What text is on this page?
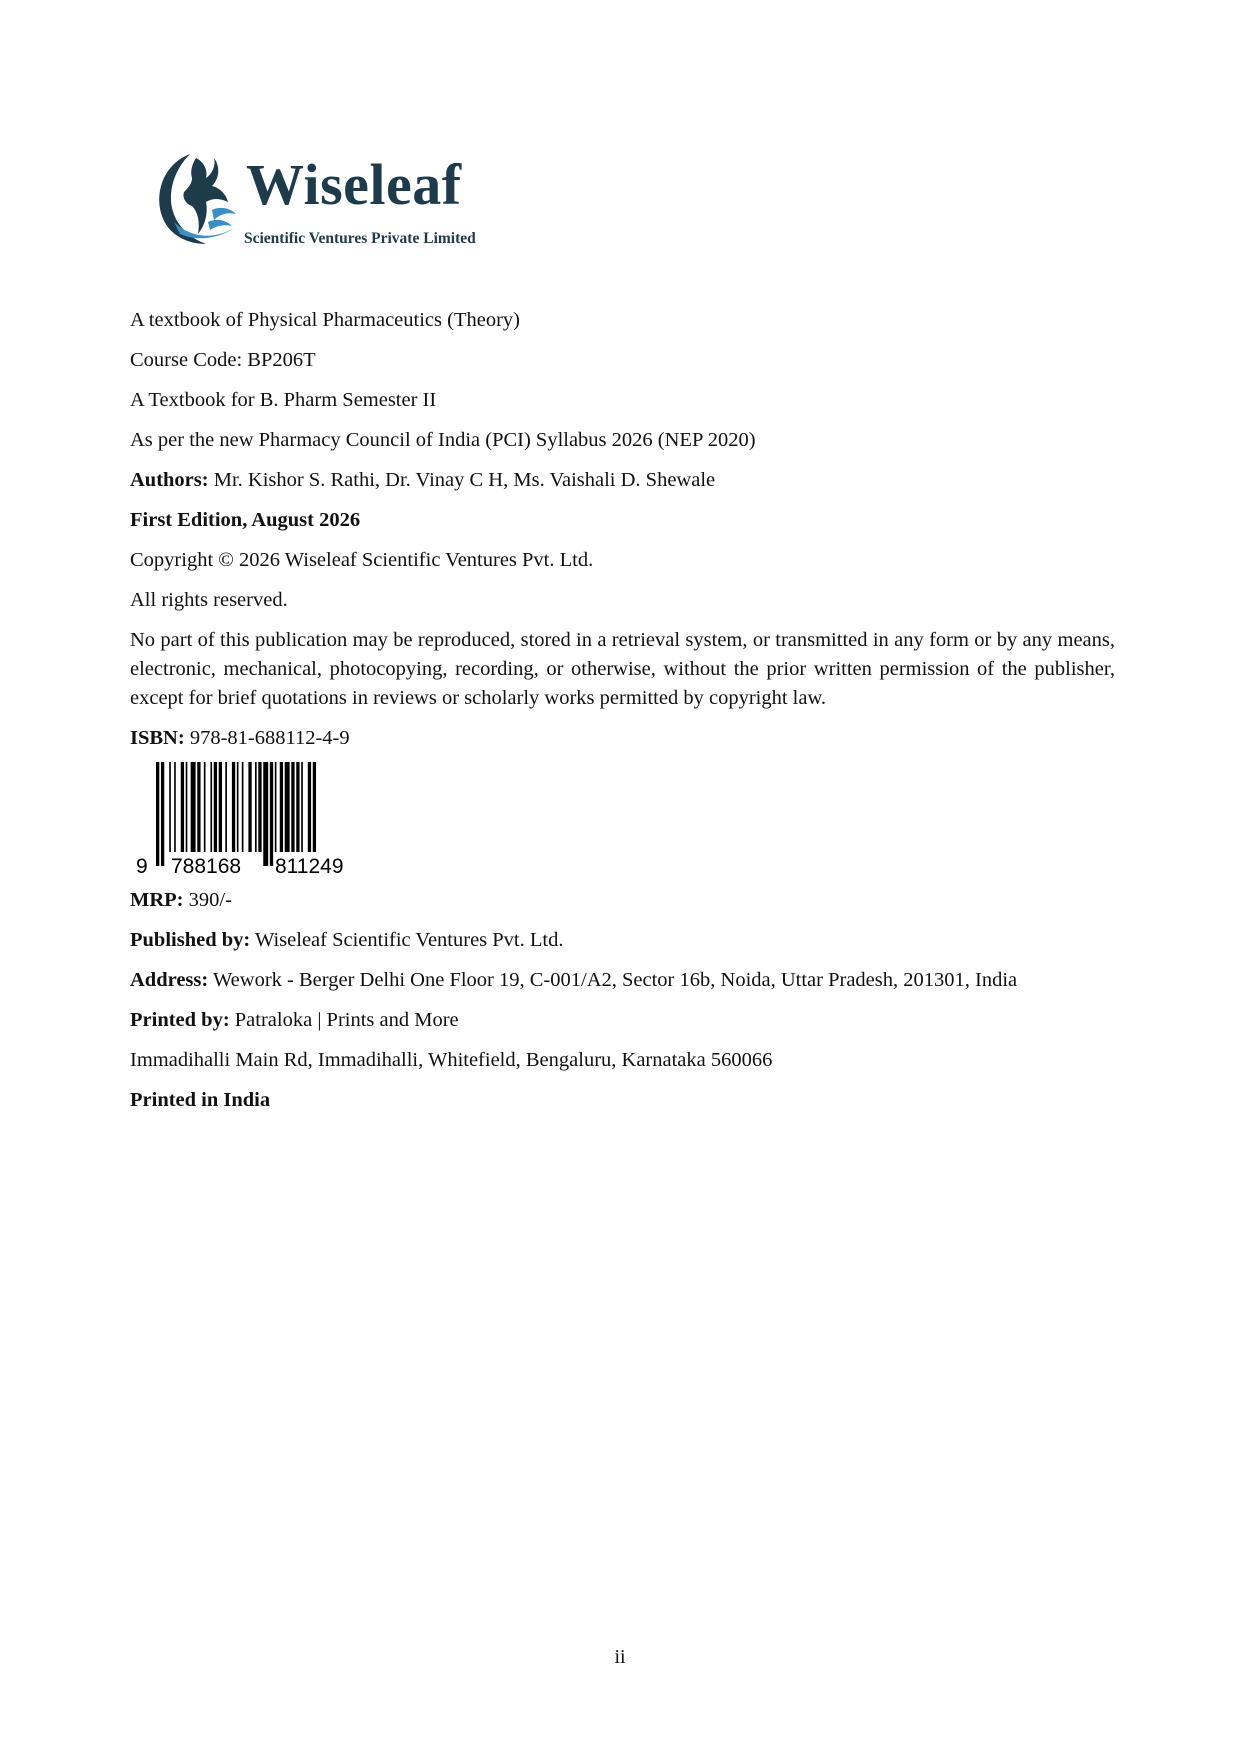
Wiseleaf
Scientific Ventures Private Limited
A textbook of Physical Pharmaceutics (Theory)
Course Code: BP206T
A Textbook for B. Pharm Semester II
As per the new Pharmacy Council of India (PCI) Syllabus 2026 (NEP 2020)
Authors: Mr. Kishor S. Rathi, Dr. Vinay C H, Ms. Vaishali D. Shewale
First Edition, August 2026
Copyright © 2026 Wiseleaf Scientific Ventures Pvt. Ltd.
All rights reserved.
No part of this publication may be reproduced, stored in a retrieval system, or transmitted in any form or by any means, electronic, mechanical, photocopying, recording, or otherwise, without the prior written permission of the publisher, except for brief quotations in reviews or scholarly works permitted by copyright law.
ISBN: 978-81-688112-4-9
9 788168 811249
MRP: 390/-
Published by: Wiseleaf Scientific Ventures Pvt. Ltd.
Address: Wework - Berger Delhi One Floor 19, C-001/A2, Sector 16b, Noida, Uttar Pradesh, 201301, India
Printed by: Patraloka | Prints and More
Immadihalli Main Rd, Immadihalli, Whitefield, Bengaluru, Karnataka 560066
Printed in India
ii
